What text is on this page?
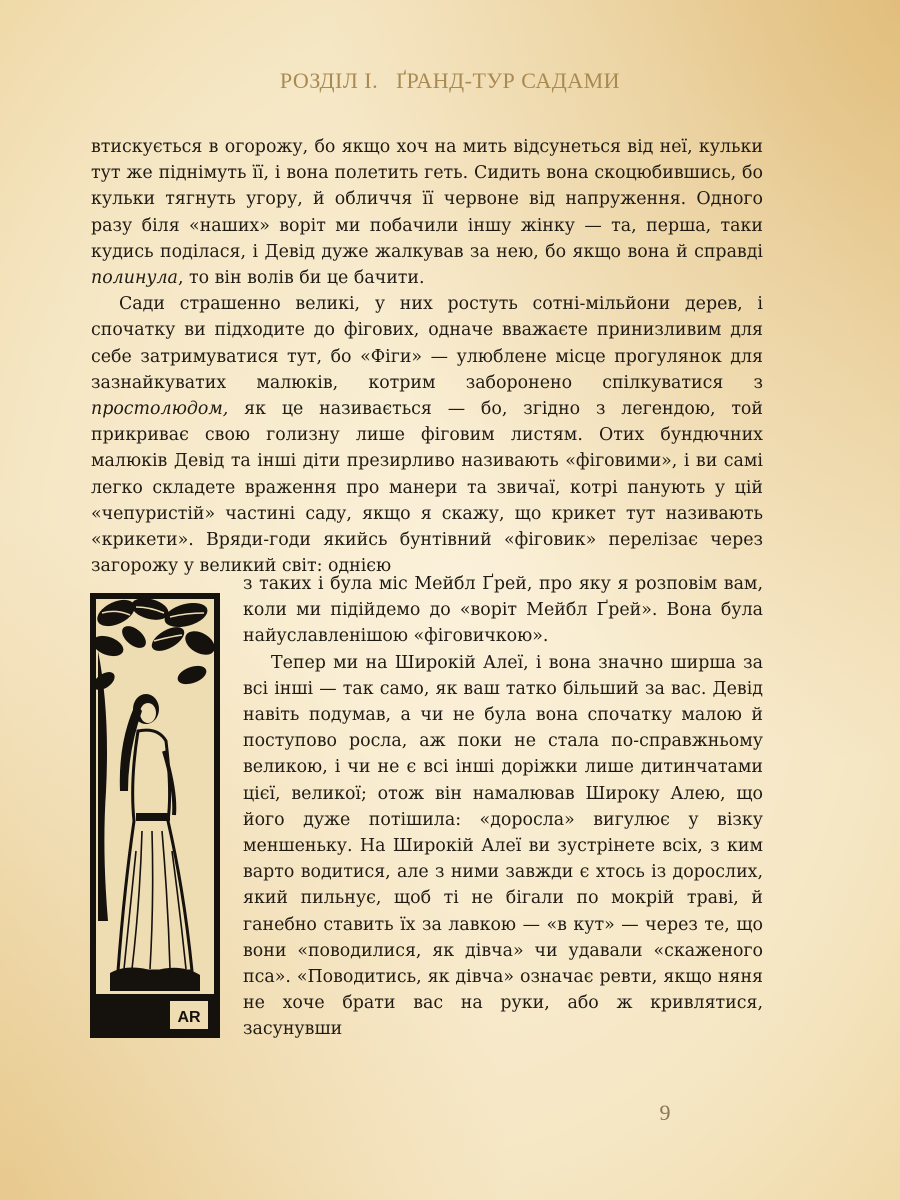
РОЗДІЛ І. ҐРАНД-ТУР САДАМИ

втискується в огорожу, бо якщо хоч на мить відсунеться від неї, кульки тут же піднімуть її, і вона полетить геть. Сидить вона скоцюбившись, бо кульки тягнуть угору, й обличчя її червоне від напруження. Одного разу біля «наших» воріт ми побачили іншу жінку — та, перша, таки кудись поділася, і Девід дуже жалкував за нею, бо якщо вона й справді полинула, то він волів би це бачити.

Сади страшенно великі, у них ростуть сотні-мільйони дерев, і спочатку ви підходите до фігових, одначе вважаєте принизливим для себе затримуватися тут, бо «Фіги» — улюблене місце прогулянок для зазнайкуватих малюків, котрим заборонено спілкуватися з простолюдом, як це називається — бо, згідно з легендою, той прикриває свою голизну лише фіговим листям. Отих бундючних малюків Девід та інші діти презирливо називають «фіговими», і ви самі легко складете враження про манери та звичаї, котрі панують у цій «чепуристій» частині саду, якщо я скажу, що крикет тут називають «крикети». Вряди-годи якийсь бунтівний «фіговик» перелізає через загорожу у великий світ: однією

AR

з таких і була міс Мейбл Ґрей, про яку я розповім вам, коли ми підійдемо до «воріт Мейбл Ґрей». Вона була найуславленішою «фіговичкою».

Тепер ми на Широкій Алеї, і вона значно ширша за всі інші — так само, як ваш татко більший за вас. Девід навіть подумав, а чи не була вона спочатку малою й поступово росла, аж поки не стала по-справжньому великою, і чи не є всі інші доріжки лише дитинчатами цієї, великої; отож він намалював Широку Алею, що його дуже потішила: «доросла» вигулює у візку меншеньку. На Широкій Алеї ви зустрінете всіх, з ким варто водитися, але з ними завжди є хтось із дорослих, який пильнує, щоб ті не бігали по мокрій траві, й ганебно ставить їх за лавкою — «в кут» — через те, що вони «поводилися, як дівча» чи удавали «скаженого пса». «Поводитись, як дівча» означає ревти, якщо няня не хоче брати вас на руки, або ж кривлятися, засунувши

9
